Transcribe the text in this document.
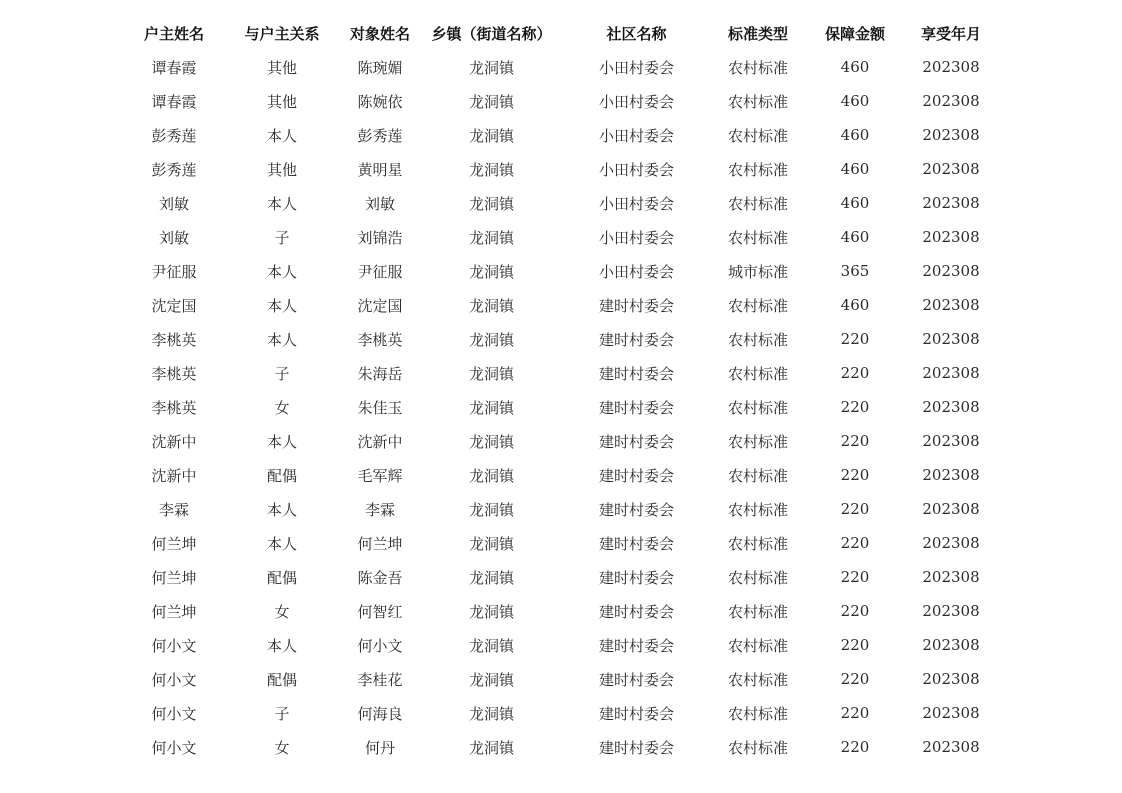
户主姓名	与户主关系	对象姓名	乡镇（街道名称）	社区名称	标准类型	保障金额	享受年月
谭春霞	其他	陈琬媚	龙洞镇	小田村委会	农村标准	460	202308
谭春霞	其他	陈婉依	龙洞镇	小田村委会	农村标准	460	202308
彭秀莲	本人	彭秀莲	龙洞镇	小田村委会	农村标准	460	202308
彭秀莲	其他	黄明星	龙洞镇	小田村委会	农村标准	460	202308
刘敏	本人	刘敏	龙洞镇	小田村委会	农村标准	460	202308
刘敏	子	刘锦浩	龙洞镇	小田村委会	农村标准	460	202308
尹征服	本人	尹征服	龙洞镇	小田村委会	城市标准	365	202308
沈定国	本人	沈定国	龙洞镇	建时村委会	农村标准	460	202308
李桃英	本人	李桃英	龙洞镇	建时村委会	农村标准	220	202308
李桃英	子	朱海岳	龙洞镇	建时村委会	农村标准	220	202308
李桃英	女	朱佳玉	龙洞镇	建时村委会	农村标准	220	202308
沈新中	本人	沈新中	龙洞镇	建时村委会	农村标准	220	202308
沈新中	配偶	毛军辉	龙洞镇	建时村委会	农村标准	220	202308
李霖	本人	李霖	龙洞镇	建时村委会	农村标准	220	202308
何兰坤	本人	何兰坤	龙洞镇	建时村委会	农村标准	220	202308
何兰坤	配偶	陈金吾	龙洞镇	建时村委会	农村标准	220	202308
何兰坤	女	何智红	龙洞镇	建时村委会	农村标准	220	202308
何小文	本人	何小文	龙洞镇	建时村委会	农村标准	220	202308
何小文	配偶	李桂花	龙洞镇	建时村委会	农村标准	220	202308
何小文	子	何海良	龙洞镇	建时村委会	农村标准	220	202308
何小文	女	何丹	龙洞镇	建时村委会	农村标准	220	202308
